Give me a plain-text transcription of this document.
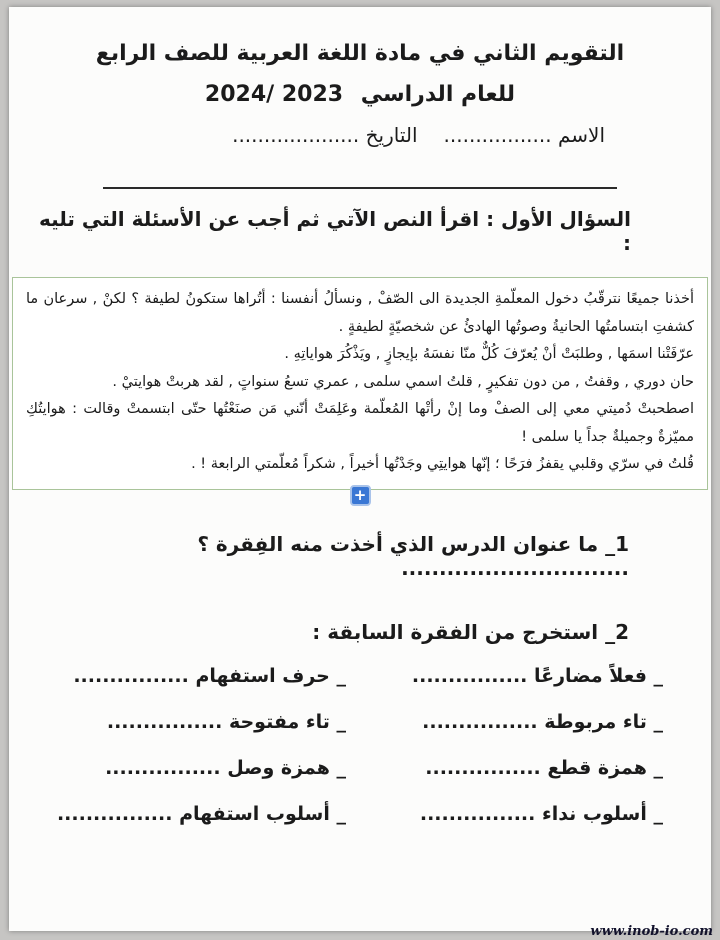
التقويم الثاني في مادة اللغة العربية للصف الرابع
للعام الدراسي 2024/ 2023
الاسم .................
التاريخ ....................
السؤال الأول : اقرأ النص الآتي ثم أجب عن الأسئلة التي تليه :
أخذنا جميعًا نترقّبُ دخول المعلّمةِ الجديدة الى الصّفْ , ونسألُ أنفسنا : أتُراها ستكونُ لطيفة ؟ لكنْ , سرعان ما كشفتِ ابتسامتُها الحانيةُ وصوتُها الهادئُ عن شخصيّةٍ لطيفةٍ .
عرّفَتْنا اسمَها , وطلبَتْ أنْ يُعرّفَ كُلٌّ منّا نفسَهُ بإيجازٍ , ويَذْكُرَ هواياتِهِ .
حان دوري , وقفتُ , من دون تفكيرٍ , قلتُ اسمي سلمى , عمري تسعُ سنواتٍ , لقد هربتْ هوايتيْ .
اصطحبتْ دُميتي معي إلى الصفْ وما إنْ رأتْها المُعلّمة وعَلِمَتْ أنّني مَن صنَعْتُها حتّى ابتسمتْ وقالت : هوايتُكِ مميّزةٌ وجميلةٌ جداً يا سلمى !
قُلتُ في سرّي وقلبي يقفزُ فرَحًا ؛ إنّها هوايتِي وجَدْتُها أخيراً , شكراً مُعلّمتي الرابعة ! .
+
1_ ما عنوان الدرس الذي أخذت منه الفِقرة ؟ ..............................
2_ استخرج من الفقرة السابقة :
_ فعلاً مضارعًا ................
_ حرف استفهام ................
_ تاء مربوطة ................
_ تاء مفتوحة ................
_ همزة قطع ................
_ همزة وصل ................
_ أسلوب نداء ................
_ أسلوب استفهام ................
www.inob-io.com
